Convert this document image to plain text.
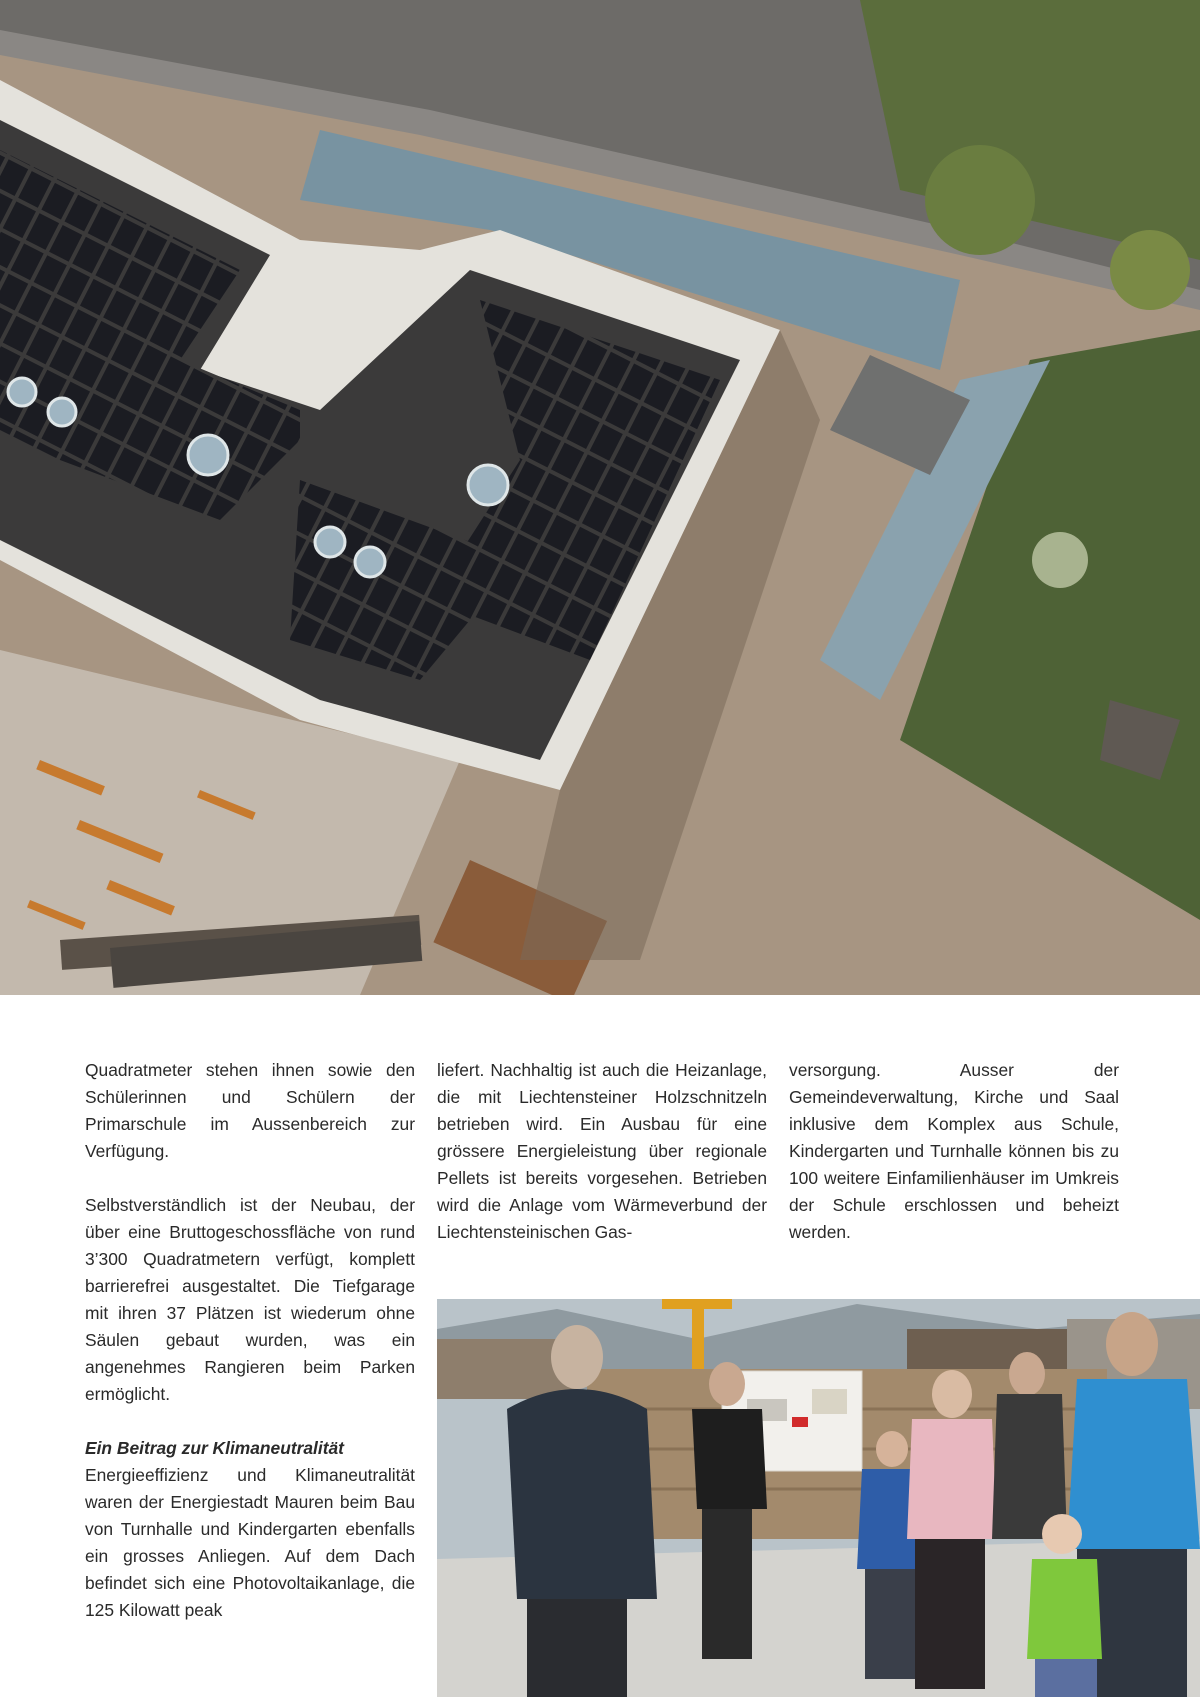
Quadratmeter stehen ihnen sowie den Schülerinnen und Schülern der Primarschule im Aussenbereich zur Verfügung.

Selbstverständlich ist der Neubau, der über eine Bruttogeschossfläche von rund 3’300 Quadratmetern verfügt, komplett barrierefrei ausgestaltet. Die Tiefgarage mit ihren 37 Plätzen ist wiederum ohne Säulen gebaut wurden, was ein angenehmes Rangieren beim Parken ermöglicht.

Ein Beitrag zur Klimaneutralität

Energieeffizienz und Klimaneutralität waren der Energiestadt Mauren beim Bau von Turnhalle und Kindergarten ebenfalls ein grosses Anliegen. Auf dem Dach befindet sich eine Photovoltaikanlage, die 125 Kilowatt peak

liefert. Nachhaltig ist auch die Heizanlage, die mit Liechtensteiner Holzschnitzeln betrieben wird. Ein Ausbau für eine grössere Energieleistung über regionale Pellets ist bereits vorgesehen. Betrieben wird die Anlage vom Wärmeverbund der Liechtensteinischen Gas-

versorgung. Ausser der Gemeindeverwaltung, Kirche und Saal inklusive dem Komplex aus Schule, Kindergarten und Turnhalle können bis zu 100 weitere Einfamilienhäuser im Umkreis der Schule erschlossen und beheizt werden.
